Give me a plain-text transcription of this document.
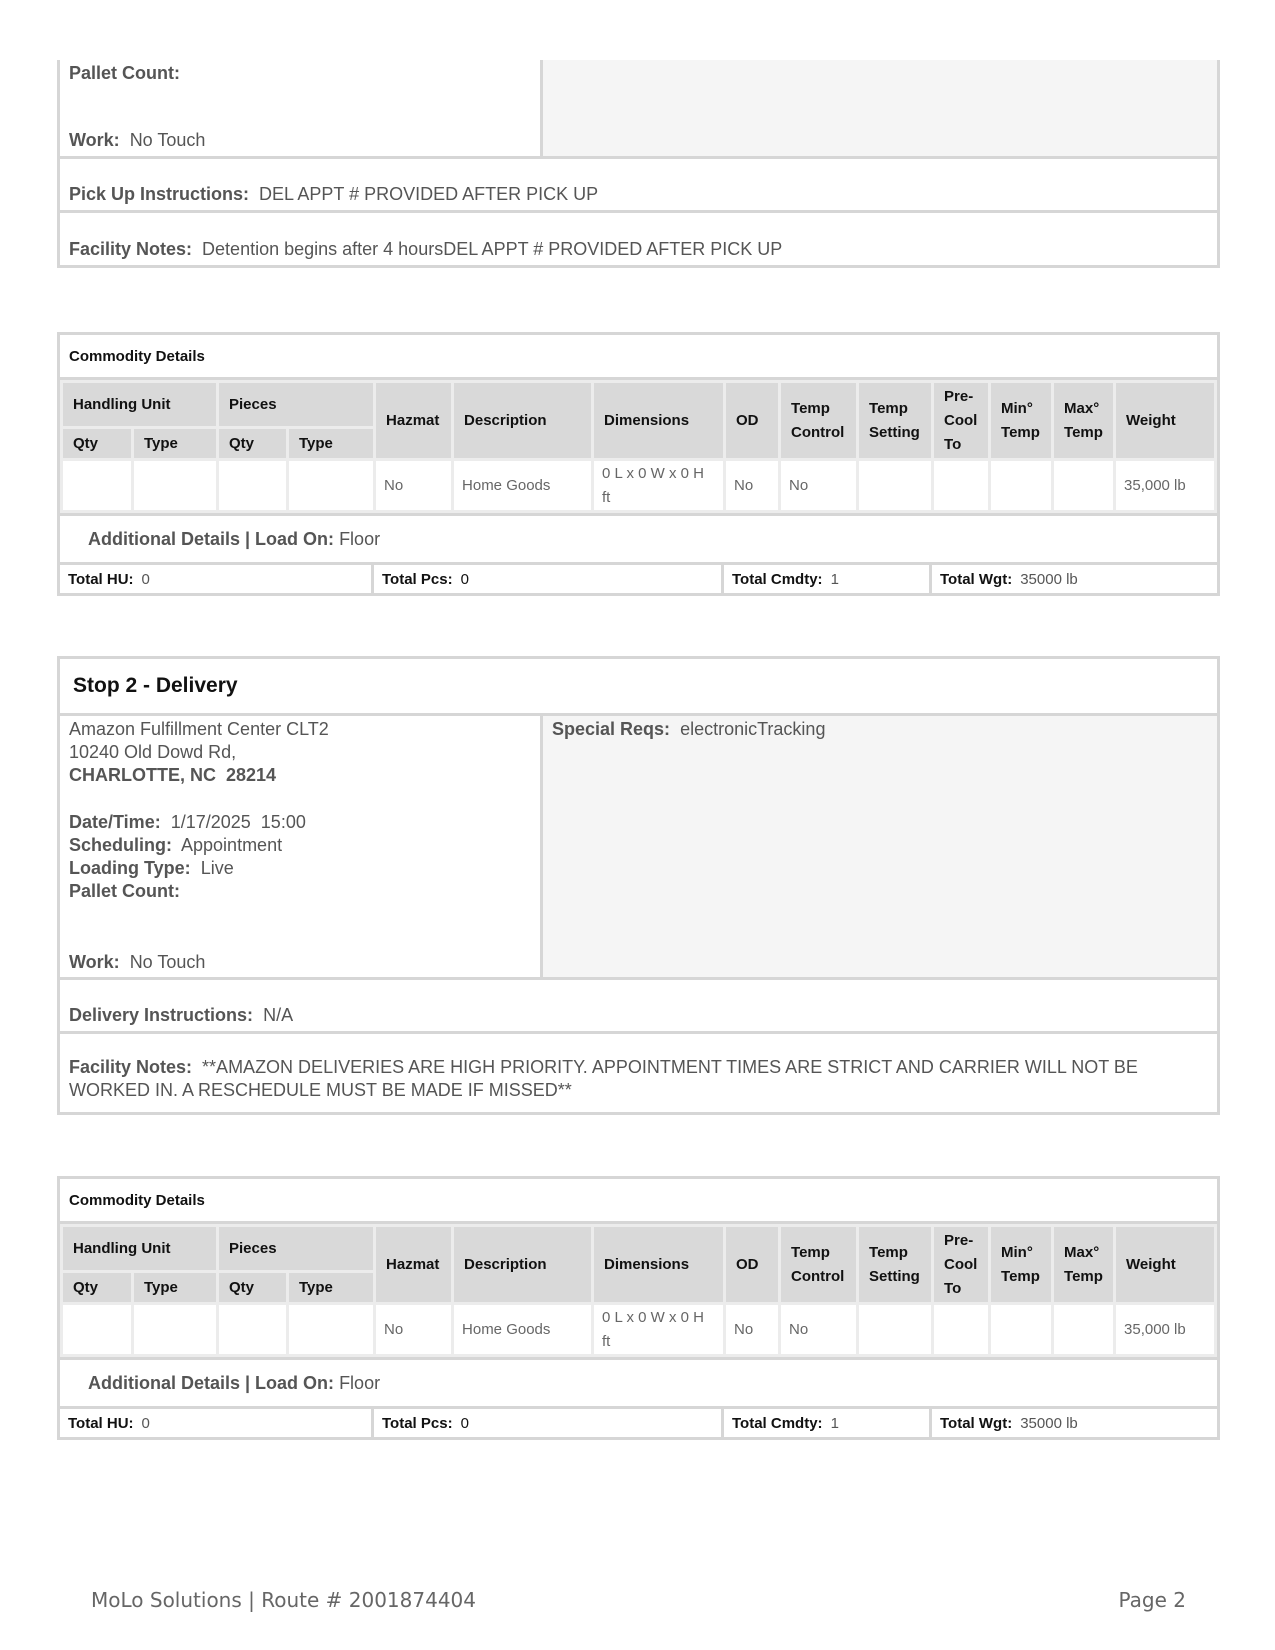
Pallet Count:
Work: No Touch
Pick Up Instructions:
DEL APPT # PROVIDED AFTER PICK UP
Facility Notes:
Detention begins after 4 hoursDEL APPT # PROVIDED AFTER PICK UP
Commodity Details
Handling Unit		Pieces		Hazmat	Description	Dimensions	OD	Temp Control	Temp Setting	Pre-Cool To	Min° Temp	Max° Temp	Weight
Qty	Type	Qty	Type										
				No	Home Goods	0 L x 0 W x 0 H ft	No	No					35,000 lb
Additional Details | Load On:
Floor
Total HU: 0	Total Pcs: 0	Total Cmdty: 1	Total Wgt: 35000 lb
Stop 2 - Delivery
Amazon Fulfillment Center CLT2
10240 Old Dowd Rd,
CHARLOTTE, NC  28214
Date/Time: 1/17/2025  15:00
Scheduling: Appointment
Loading Type: Live
Pallet Count:
Work: No Touch
Special Reqs: electronicTracking
Delivery Instructions:
N/A
Facility Notes: **AMAZON DELIVERIES ARE HIGH PRIORITY. APPOINTMENT TIMES ARE STRICT AND CARRIER WILL NOT BE WORKED IN. A RESCHEDULE MUST BE MADE IF MISSED**
Commodity Details
Handling Unit		Pieces		Hazmat	Description	Dimensions	OD	Temp Control	Temp Setting	Pre-Cool To	Min° Temp	Max° Temp	Weight
Qty	Type	Qty	Type										
				No	Home Goods	0 L x 0 W x 0 H ft	No	No					35,000 lb
Additional Details | Load On:
Floor
Total HU: 0	Total Pcs: 0	Total Cmdty: 1	Total Wgt: 35000 lb
MoLo Solutions | Route # 2001874404	Page 2
